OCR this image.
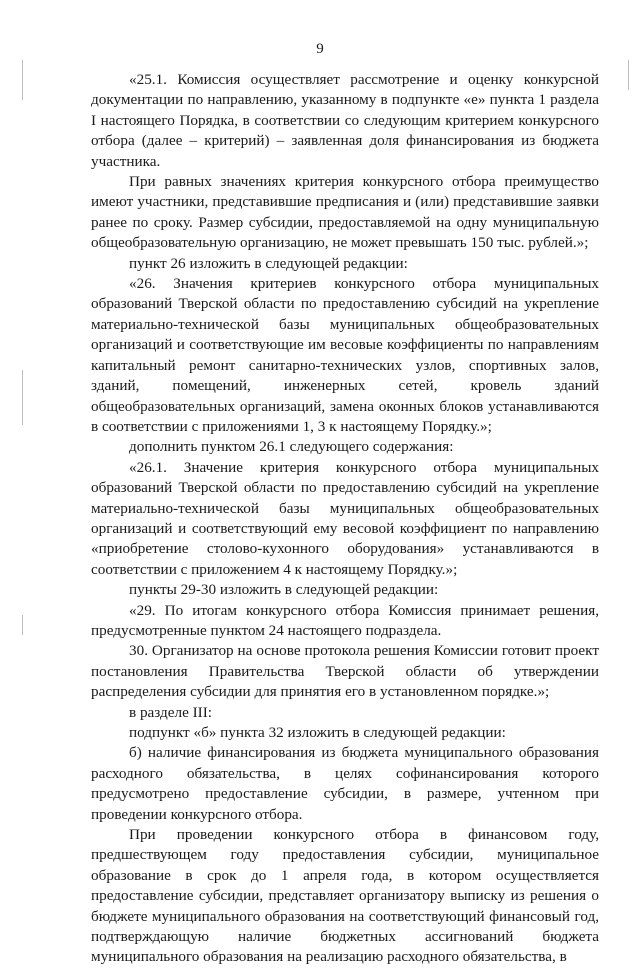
9

«25.1. Комиссия осуществляет рассмотрение и оценку конкурсной документации по направлению, указанному в подпункте «е» пункта 1 раздела I настоящего Порядка, в соответствии со следующим критерием конкурсного отбора (далее – критерий) – заявленная доля финансирования из бюджета участника.

При равных значениях критерия конкурсного отбора преимущество имеют участники, представившие предписания и (или) представившие заявки ранее по сроку. Размер субсидии, предоставляемой на одну муниципальную общеобразовательную организацию, не может превышать 150 тыс. рублей.»;

пункт 26 изложить в следующей редакции:

«26. Значения критериев конкурсного отбора муниципальных образований Тверской области по предоставлению субсидий на укрепление материально-технической базы муниципальных общеобразовательных организаций и соответствующие им весовые коэффициенты по направлениям капитальный ремонт санитарно-технических узлов, спортивных залов, зданий, помещений, инженерных сетей, кровель зданий общеобразовательных организаций, замена оконных блоков устанавливаются в соответствии с приложениями 1, 3 к настоящему Порядку.»;

дополнить пунктом 26.1 следующего содержания:

«26.1. Значение критерия конкурсного отбора муниципальных образований Тверской области по предоставлению субсидий на укрепление материально-технической базы муниципальных общеобразовательных организаций и соответствующий ему весовой коэффициент по направлению «приобретение столово-кухонного оборудования» устанавливаются в соответствии с приложением 4 к настоящему Порядку.»;

пункты 29-30 изложить в следующей редакции:

«29. По итогам конкурсного отбора Комиссия принимает решения, предусмотренные пунктом 24 настоящего подраздела.

30. Организатор на основе протокола решения Комиссии готовит проект постановления Правительства Тверской области об утверждении распределения субсидии для принятия его в установленном порядке.»;

в разделе III:

подпункт «б» пункта 32 изложить в следующей редакции:

б) наличие финансирования из бюджета муниципального образования расходного обязательства, в целях софинансирования которого предусмотрено предоставление субсидии, в размере, учтенном при проведении конкурсного отбора.

При проведении конкурсного отбора в финансовом году, предшествующем году предоставления субсидии, муниципальное образование в срок до 1 апреля года, в котором осуществляется предоставление субсидии, представляет организатору выписку из решения о бюджете муниципального образования на соответствующий финансовый год, подтверждающую наличие бюджетных ассигнований бюджета муниципального образования на реализацию расходного обязательства, в
